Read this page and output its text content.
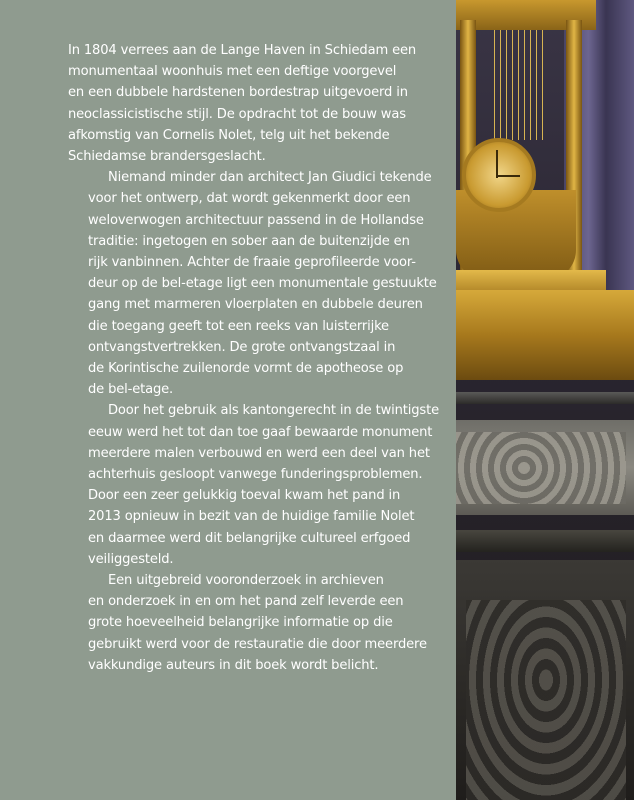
In 1804 verrees aan de Lange Haven in Schiedam een
monumentaal woonhuis met een deftige voorgevel
en een dubbele hardstenen bordestrap uitgevoerd in
neoclassicistische stijl. De opdracht tot de bouw was
afkomstig van Cornelis Nolet, telg uit het bekende
Schiedamse brandersgeslacht.

Niemand minder dan architect Jan Giudici tekende
voor het ontwerp, dat wordt gekenmerkt door een
weloverwogen architectuur passend in de Hollandse
traditie: ingetogen en sober aan de buitenzijde en
rijk vanbinnen. Achter de fraaie geprofileerde voor-
deur op de bel-etage ligt een monumentale gestuukte
gang met marmeren vloerplaten en dubbele deuren
die toegang geeft tot een reeks van luisterrijke
ontvangstvertrekken. De grote ontvangstzaal in
de Korintische zuilenorde vormt de apotheose op
de bel-etage.

Door het gebruik als kantongerecht in de twintigste
eeuw werd het tot dan toe gaaf bewaarde monument
meerdere malen verbouwd en werd een deel van het
achterhuis gesloopt vanwege funderingsproblemen.
Door een zeer gelukkig toeval kwam het pand in
2013 opnieuw in bezit van de huidige familie Nolet
en daarmee werd dit belangrijke cultureel erfgoed
veiliggesteld.

Een uitgebreid vooronderzoek in archieven
en onderzoek in en om het pand zelf leverde een
grote hoeveelheid belangrijke informatie op die
gebruikt werd voor de restauratie die door meerdere
vakkundige auteurs in dit boek wordt belicht.
